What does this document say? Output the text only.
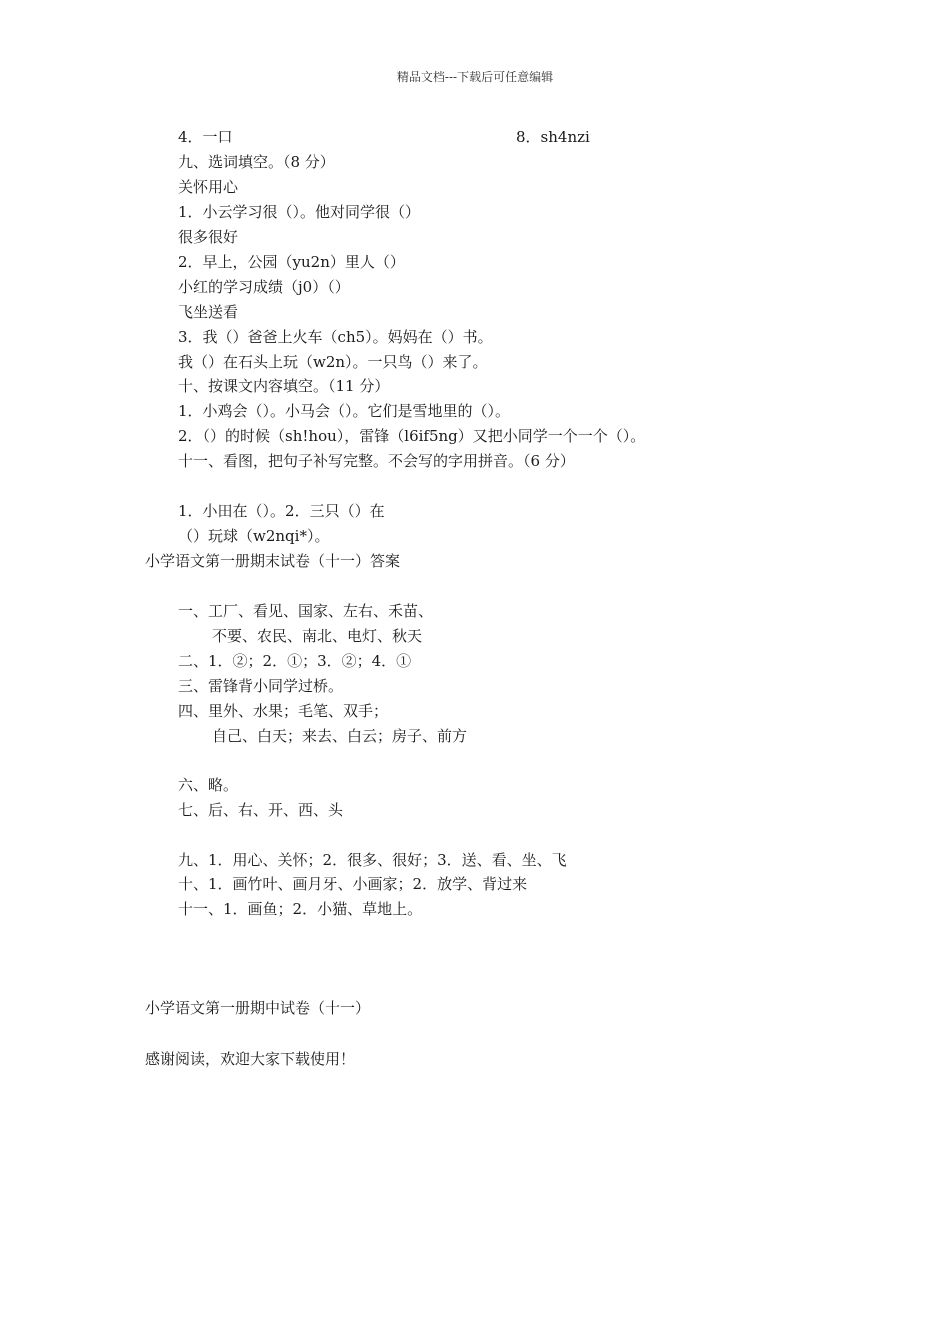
精品文档---下载后可任意编辑
4．一口	8．sh4nzi
九、选词填空。（8 分）
关怀用心
1．小云学习很（）。他对同学很（）
很多很好
2．早上，公园（yu2n）里人（）
小红的学习成绩（j0）（）
飞坐送看
3．我（）爸爸上火车（ch5）。妈妈在（）书。
我（）在石头上玩（w2n）。一只鸟（）来了。
十、按课文内容填空。（11 分）
1．小鸡会（）。小马会（）。它们是雪地里的（）。
2．（）的时候（sh!hou），雷锋（l6if5ng）又把小同学一个一个（）。
十一、看图，把句子补写完整。不会写的字用拼音。（6 分）
1．小田在（）。2．三只（）在
（）玩球（w2nqi*）。
小学语文第一册期末试卷（十一）答案
一、工厂、看见、国家、左右、禾苗、
不要、农民、南北、电灯、秋天
二、1．②；2．①；3．②；4．①
三、雷锋背小同学过桥。
四、里外、水果；毛笔、双手；
自己、白天；来去、白云；房子、前方
六、略。
七、后、右、开、西、头
九、1．用心、关怀；2．很多、很好；3．送、看、坐、飞
十、1．画竹叶、画月牙、小画家；2．放学、背过来
十一、1．画鱼；2．小猫、草地上。
小学语文第一册期中试卷（十一）
感谢阅读，欢迎大家下载使用！
